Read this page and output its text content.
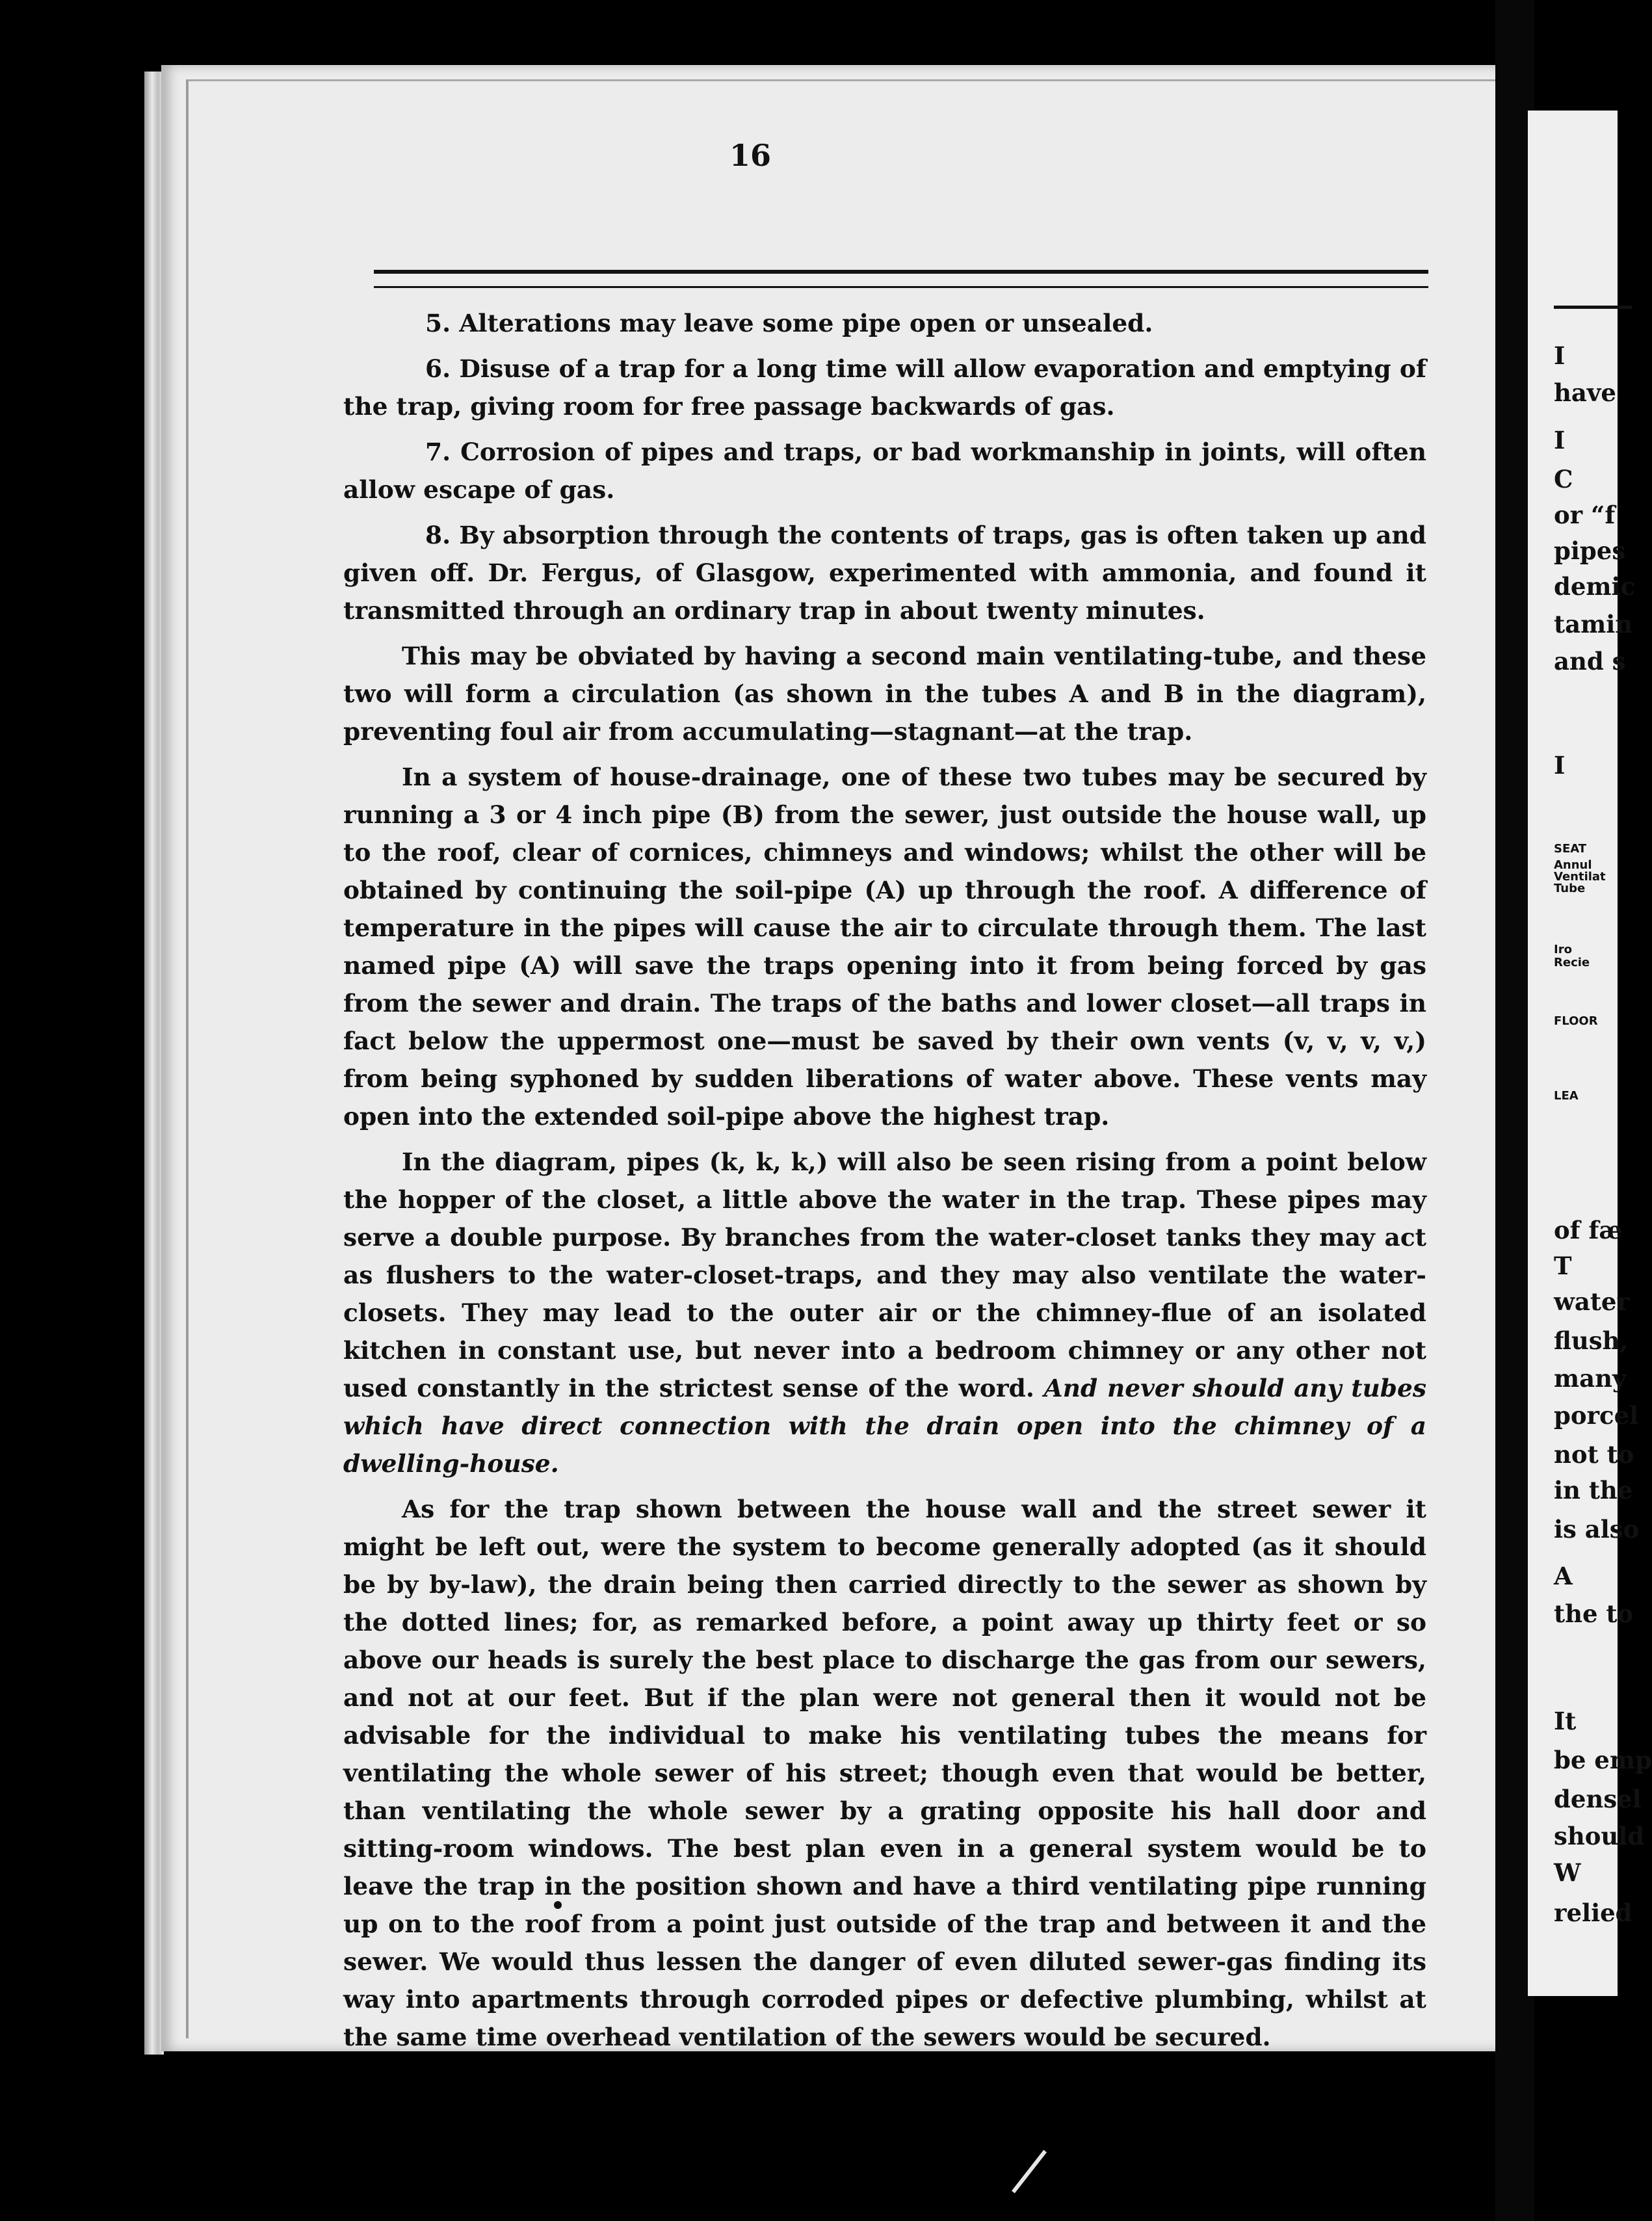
16

5. Alterations may leave some pipe open or unsealed.

6. Disuse of a trap for a long time will allow evaporation and emptying of the trap, giving room for free passage backwards of gas.

7. Corrosion of pipes and traps, or bad workmanship in joints, will often allow escape of gas.

8. By absorption through the contents of traps, gas is often taken up and given off. Dr. Fergus, of Glasgow, experimented with ammonia, and found it transmitted through an ordinary trap in about twenty minutes.

This may be obviated by having a second main ventilating-tube, and these two will form a circulation (as shown in the tubes A and B in the diagram), preventing foul air from accumulating—stagnant—at the trap.

In a system of house-drainage, one of these two tubes may be secured by running a 3 or 4 inch pipe (B) from the sewer, just outside the house wall, up to the roof, clear of cornices, chimneys and windows; whilst the other will be obtained by continuing the soil-pipe (A) up through the roof. A difference of temperature in the pipes will cause the air to circulate through them. The last named pipe (A) will save the traps opening into it from being forced by gas from the sewer and drain. The traps of the baths and lower closet—all traps in fact below the uppermost one—must be saved by their own vents (v, v, v, v,) from being syphoned by sudden liberations of water above. These vents may open into the extended soil-pipe above the highest trap.

In the diagram, pipes (k, k, k,) will also be seen rising from a point below the hopper of the closet, a little above the water in the trap. These pipes may serve a double purpose. By branches from the water-closet tanks they may act as flushers to the water-closet-traps, and they may also ventilate the water-closets. They may lead to the outer air or the chimney-flue of an isolated kitchen in constant use, but never into a bedroom chimney or any other not used constantly in the strictest sense of the word. And never should any tubes which have direct connection with the drain open into the chimney of a dwelling-house.

As for the trap shown between the house wall and the street sewer it might be left out, were the system to become generally adopted (as it should be by by-law), the drain being then carried directly to the sewer as shown by the dotted lines; for, as remarked before, a point away up thirty feet or so above our heads is surely the best place to discharge the gas from our sewers, and not at our feet. But if the plan were not general then it would not be advisable for the individual to make his ventilating tubes the means for ventilating the whole sewer of his street; though even that would be better, than ventilating the whole sewer by a grating opposite his hall door and sitting-room windows. The best plan even in a general system would be to leave the trap in the position shown and have a third ventilating pipe running up on to the roof from a point just outside of the trap and between it and the sewer. We would thus lessen the danger of even diluted sewer-gas finding its way into apartments through corroded pipes or defective plumbing, whilst at the same time overhead ventilation of the sewers would be secured.

I
have
I
C
or “f
pipes
demic
tamin
and s
I
SEAT
Annul
Ventilat
Tube
Iro
Recie
FLOOR
LEA
of fæ
T
water
flush,
many
porcel
not to
in the
is also
A
the to
It
be emp
densel
should
W
relied
